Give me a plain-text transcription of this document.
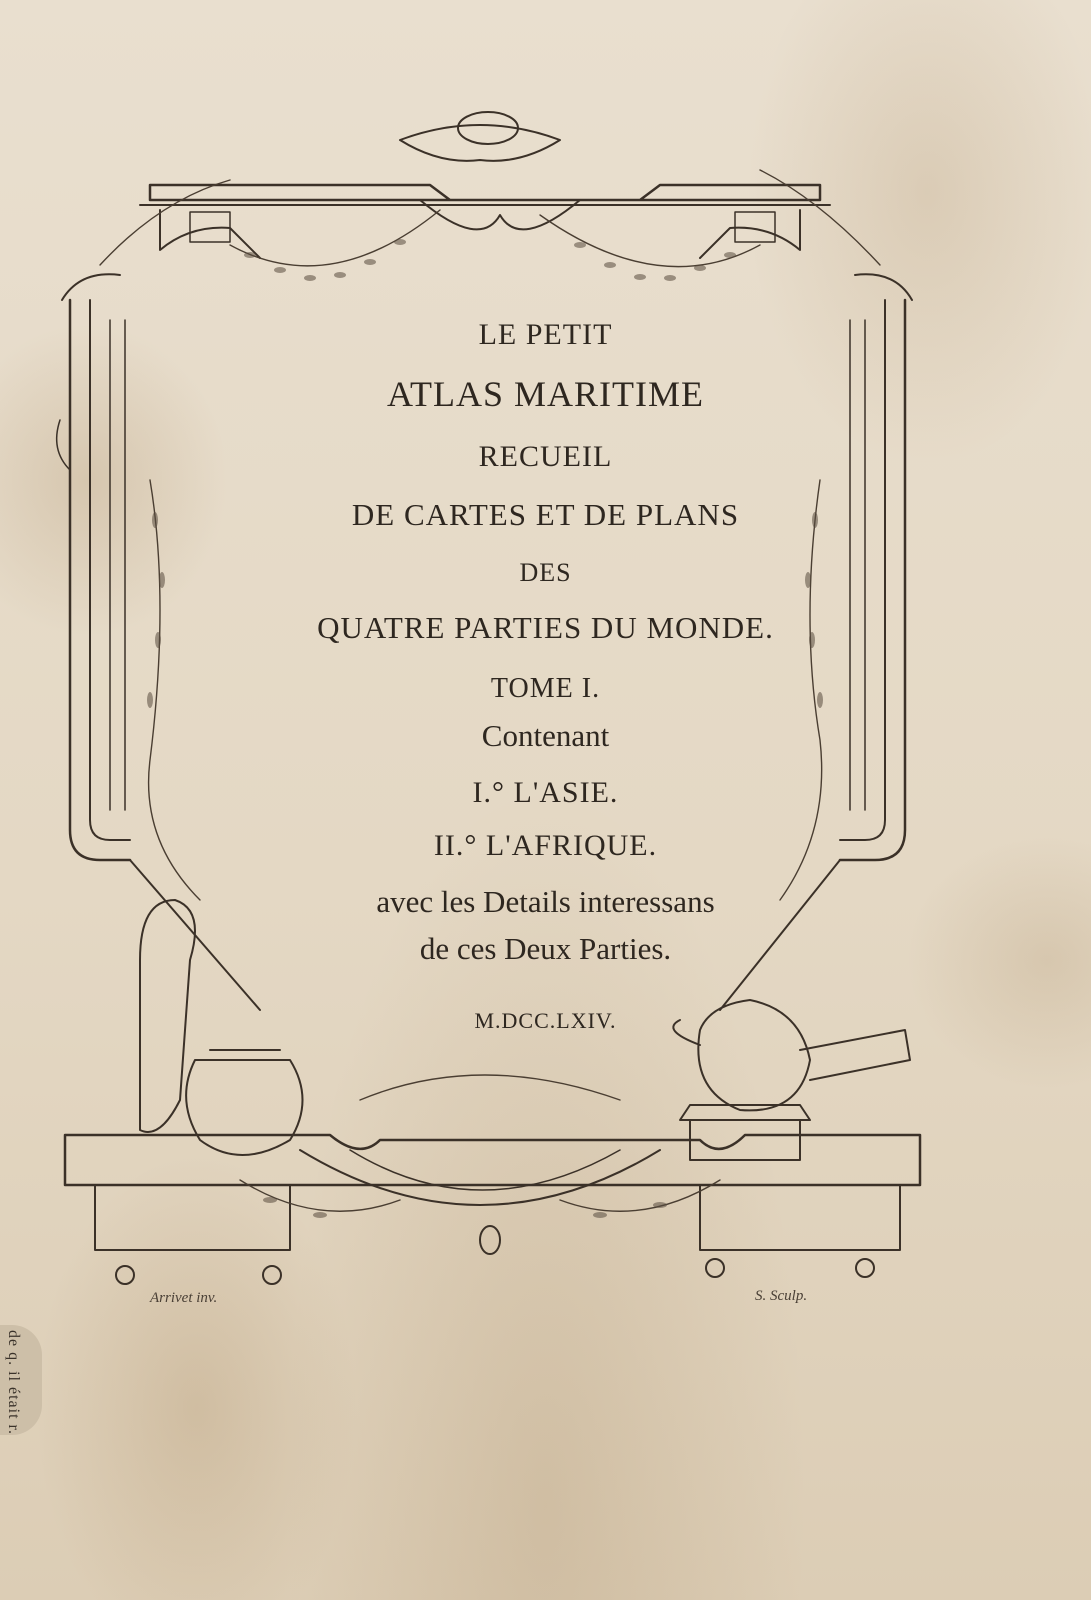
LE PETIT
ATLAS MARITIME
RECUEIL
DE CARTES ET DE PLANS
DES
QUATRE PARTIES DU MONDE.
TOME I.
Contenant
I.° L'ASIE.
II.° L'AFRIQUE.
avec les Details interessans
de ces Deux Parties.
M.DCC.LXIV.
Arrivet inv.	S. Sculp.
de q. il était r.
